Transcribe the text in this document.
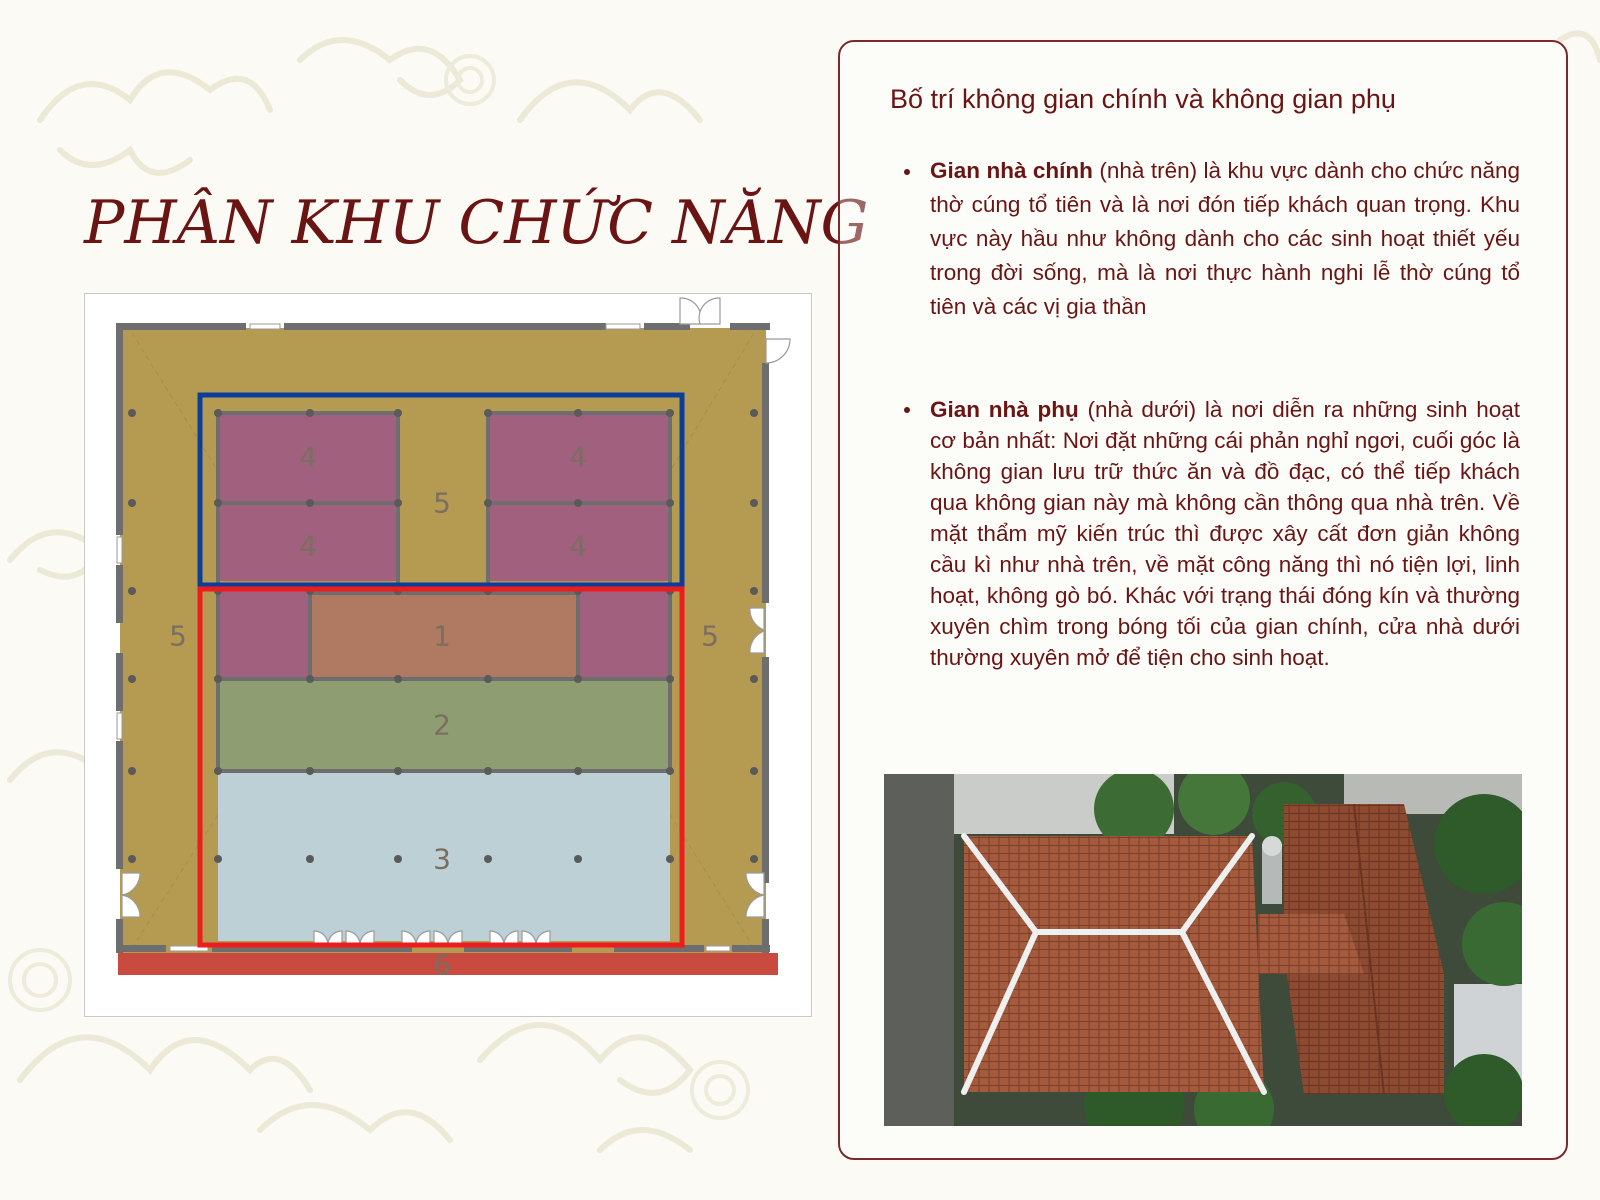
PHÂN KHU CHỨC NĂNG
4	4
4	4
5
5	5
1
2
3
6
Bố trí không gian chính và không gian phụ
Gian nhà chính (nhà trên) là khu vực dành cho chức năng thờ cúng tổ tiên và là nơi đón tiếp khách quan trọng. Khu vực này hầu như không dành cho các sinh hoạt thiết yếu trong đời sống, mà là nơi thực hành nghi lễ thờ cúng tổ tiên và các vị gia thần
Gian nhà phụ (nhà dưới) là nơi diễn ra những sinh hoạt cơ bản nhất: Nơi đặt những cái phản nghỉ ngơi, cuối góc là không gian lưu trữ thức ăn và đồ đạc, có thể tiếp khách qua không gian này mà không cần thông qua nhà trên. Về mặt thẩm mỹ kiến trúc thì được xây cất đơn giản không cầu kì như nhà trên, về mặt công năng thì nó tiện lợi, linh hoạt, không gò bó. Khác với trạng thái đóng kín và thường xuyên chìm trong bóng tối của gian chính, cửa nhà dưới thường xuyên mở để tiện cho sinh hoạt.
